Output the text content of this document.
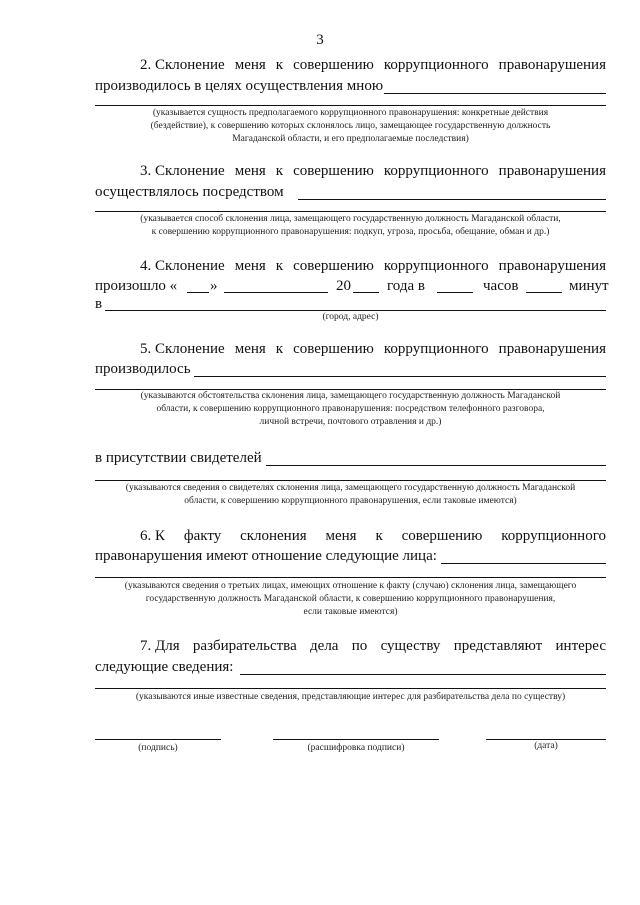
3
2. Склонение меня к совершению коррупционного правонарушения
производилось в целях осуществления мною
(указывается сущность предполагаемого коррупционного правонарушения: конкретные действия
(бездействие), к совершению которых склонялось лицо, замещающее государственную должность
Магаданской области, и его предполагаемые последствия)
3. Склонение меня к совершению коррупционного правонарушения
осуществлялось посредством
(указывается способ склонения лица, замещающего государственную должность Магаданской области,
к совершению коррупционного правонарушения: подкуп, угроза, просьба, обещание, обман и др.)
4. Склонение меня к совершению коррупционного правонарушения
произошло « »	20 года в	часов	минут
в
(город, адрес)
5. Склонение меня к совершению коррупционного правонарушения
производилось
(указываются обстоятельства склонения лица, замещающего государственную должность Магаданской
области, к совершению коррупционного правонарушения: посредством телефонного разговора,
личной встречи, почтового отравления и др.)
в присутствии свидетелей
(указываются сведения о свидетелях склонения лица, замещающего государственную должность Магаданской
области, к совершению коррупционного правонарушения, если таковые имеются)
6. К факту склонения меня к совершению коррупционного
правонарушения имеют отношение следующие лица:
(указываются сведения о третьих лицах, имеющих отношение к факту (случаю) склонения лица, замещающего
государственную должность Магаданской области, к совершению коррупционного правонарушения,
если таковые имеются)
7. Для разбирательства дела по существу представляют интерес
следующие сведения:
(указываются иные известные сведения, представляющие интерес для разбирательства дела по существу)
(подпись)	(расшифровка подписи)	(дата)
